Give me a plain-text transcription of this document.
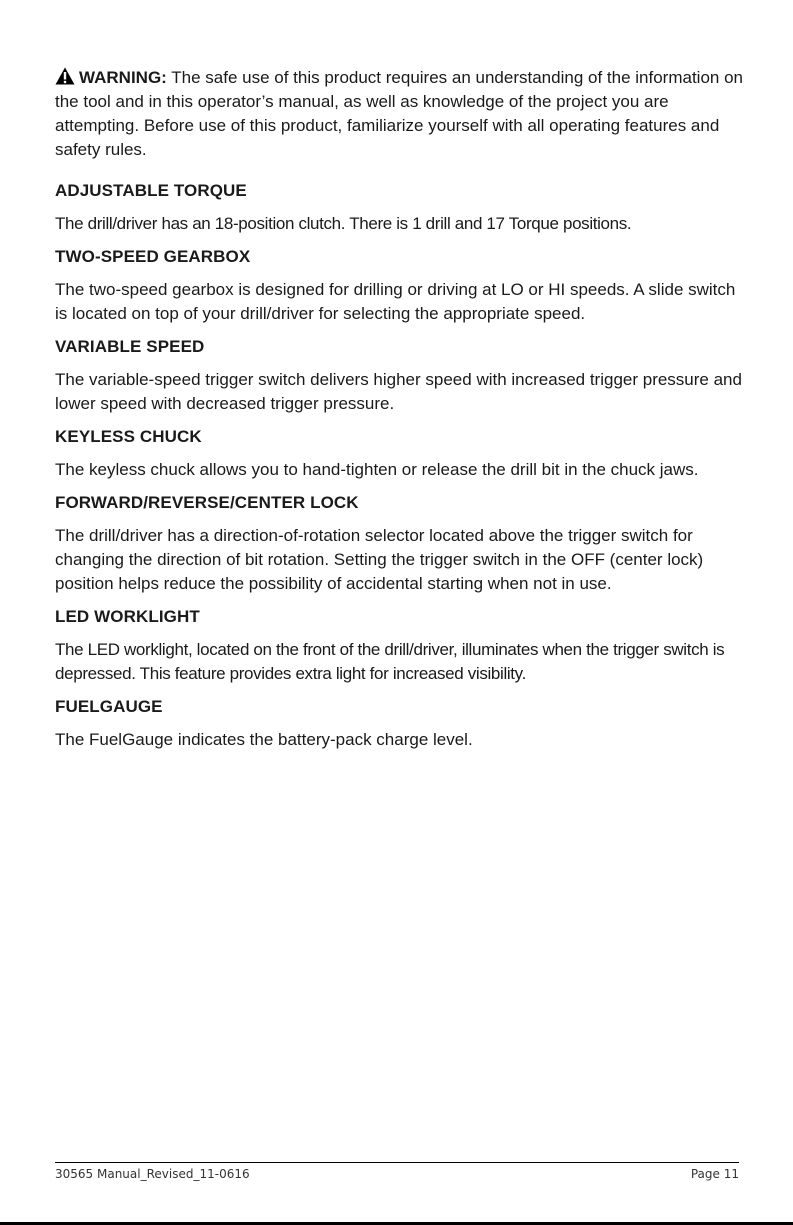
WARNING: The safe use of this product requires an understanding of the information on the tool and in this operator’s manual, as well as knowledge of the project you are attempting. Before use of this product, familiarize yourself with all operating features and safety rules.

ADJUSTABLE TORQUE

The drill/driver has an 18-position clutch. There is 1 drill and 17 Torque positions.

TWO-SPEED GEARBOX

The two-speed gearbox is designed for drilling or driving at LO or HI speeds. A slide switch is located on top of your drill/driver for selecting the appropriate speed.

VARIABLE SPEED

The variable-speed trigger switch delivers higher speed with increased trigger pressure and lower speed with decreased trigger pressure.

KEYLESS CHUCK

The keyless chuck allows you to hand-tighten or release the drill bit in the chuck jaws.

FORWARD/REVERSE/CENTER LOCK

The drill/driver has a direction-of-rotation selector located above the trigger switch for changing the direction of bit rotation. Setting the trigger switch in the OFF (center lock) position helps reduce the possibility of accidental starting when not in use.

LED WORKLIGHT

The LED worklight, located on the front of the drill/driver, illuminates when the trigger switch is depressed. This feature provides extra light for increased visibility.

FUELGAUGE

The FuelGauge indicates the battery-pack charge level.

30565 Manual_Revised_11-0616	Page 11
